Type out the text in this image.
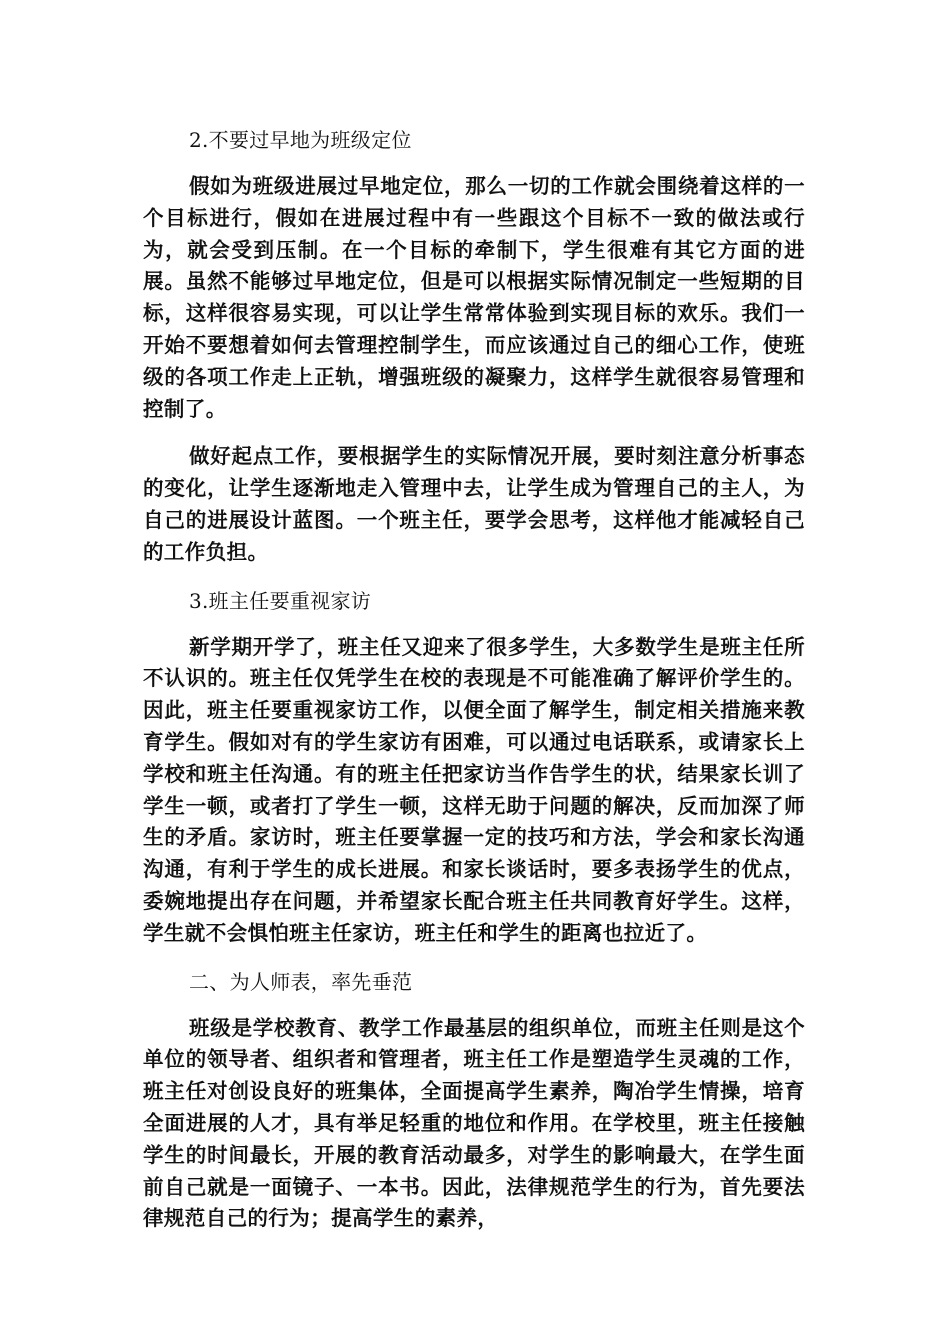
2.不要过早地为班级定位

假如为班级进展过早地定位，那么一切的工作就会围绕着这样的一个目标进行，假如在进展过程中有一些跟这个目标不一致的做法或行为，就会受到压制。在一个目标的牵制下，学生很难有其它方面的进展。虽然不能够过早地定位，但是可以根据实际情况制定一些短期的目标，这样很容易实现，可以让学生常常体验到实现目标的欢乐。我们一开始不要想着如何去管理控制学生，而应该通过自己的细心工作，使班级的各项工作走上正轨，增强班级的凝聚力，这样学生就很容易管理和控制了。

做好起点工作，要根据学生的实际情况开展，要时刻注意分析事态的变化，让学生逐渐地走入管理中去，让学生成为管理自己的主人，为自己的进展设计蓝图。一个班主任，要学会思考，这样他才能减轻自己的工作负担。

3.班主任要重视家访

新学期开学了，班主任又迎来了很多学生，大多数学生是班主任所不认识的。班主任仅凭学生在校的表现是不可能准确了解评价学生的。因此，班主任要重视家访工作，以便全面了解学生，制定相关措施来教育学生。假如对有的学生家访有困难，可以通过电话联系，或请家长上学校和班主任沟通。有的班主任把家访当作告学生的状，结果家长训了学生一顿，或者打了学生一顿，这样无助于问题的解决，反而加深了师生的矛盾。家访时，班主任要掌握一定的技巧和方法，学会和家长沟通沟通，有利于学生的成长进展。和家长谈话时，要多表扬学生的优点，委婉地提出存在问题，并希望家长配合班主任共同教育好学生。这样，学生就不会惧怕班主任家访，班主任和学生的距离也拉近了。

二、为人师表，率先垂范

班级是学校教育、教学工作最基层的组织单位，而班主任则是这个单位的领导者、组织者和管理者，班主任工作是塑造学生灵魂的工作，班主任对创设良好的班集体，全面提高学生素养，陶冶学生情操，培育全面进展的人才，具有举足轻重的地位和作用。在学校里，班主任接触学生的时间最长，开展的教育活动最多，对学生的影响最大，在学生面前自己就是一面镜子、一本书。因此，法律规范学生的行为，首先要法律规范自己的行为；提高学生的素养，
